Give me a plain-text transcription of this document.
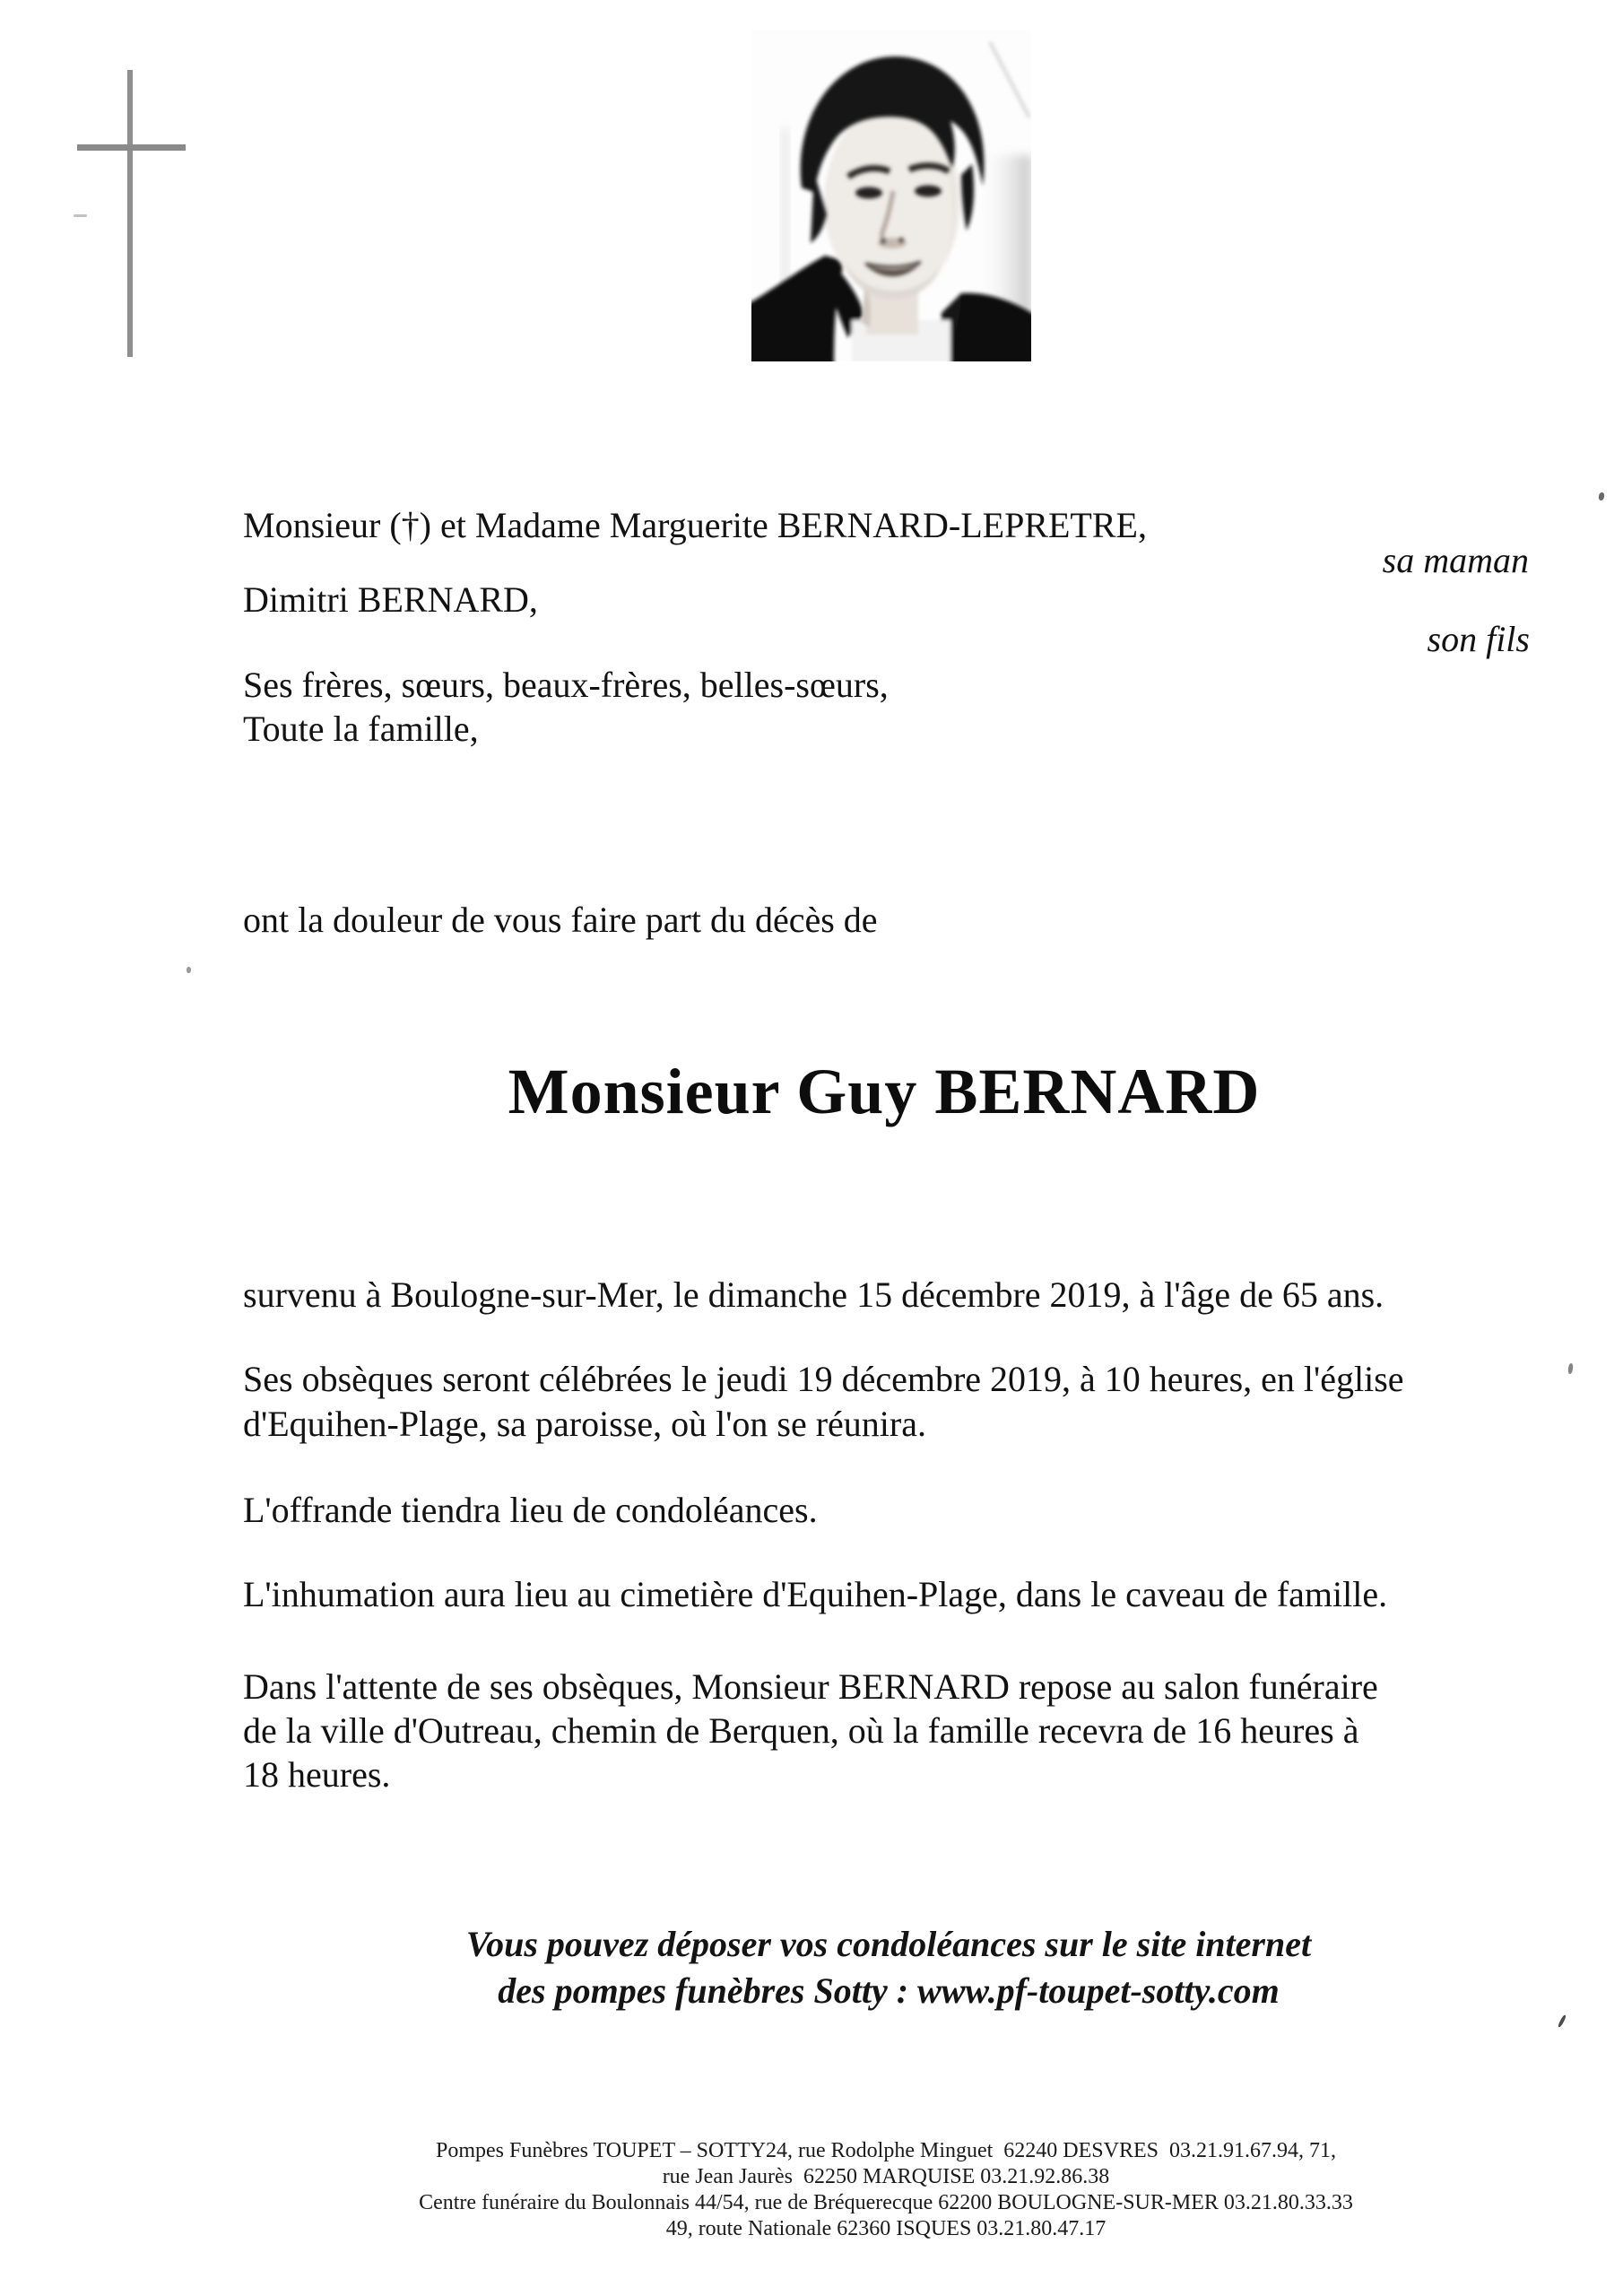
Monsieur (†) et Madame Marguerite BERNARD-LEPRETRE,
sa maman
Dimitri BERNARD,
son fils
Ses frères, sœurs, beaux-frères, belles-sœurs,
Toute la famille,
ont la douleur de vous faire part du décès de
Monsieur Guy BERNARD
survenu à Boulogne-sur-Mer, le dimanche 15 décembre 2019, à l'âge de 65 ans.
Ses obsèques seront célébrées le jeudi 19 décembre 2019, à 10 heures, en l'église
d'Equihen-Plage, sa paroisse, où l'on se réunira.
L'offrande tiendra lieu de condoléances.
L'inhumation aura lieu au cimetière d'Equihen-Plage, dans le caveau de famille.
Dans l'attente de ses obsèques, Monsieur BERNARD repose au salon funéraire
de la ville d'Outreau, chemin de Berquen, où la famille recevra de 16 heures à
18 heures.
Vous pouvez déposer vos condoléances sur le site internet
des pompes funèbres Sotty : www.pf-toupet-sotty.com
Pompes Funèbres TOUPET – SOTTY24, rue Rodolphe Minguet  62240 DESVRES  03.21.91.67.94, 71,
rue Jean Jaurès  62250 MARQUISE 03.21.92.86.38
Centre funéraire du Boulonnais 44/54, rue de Bréquerecque 62200 BOULOGNE-SUR-MER 03.21.80.33.33
49, route Nationale 62360 ISQUES 03.21.80.47.17
